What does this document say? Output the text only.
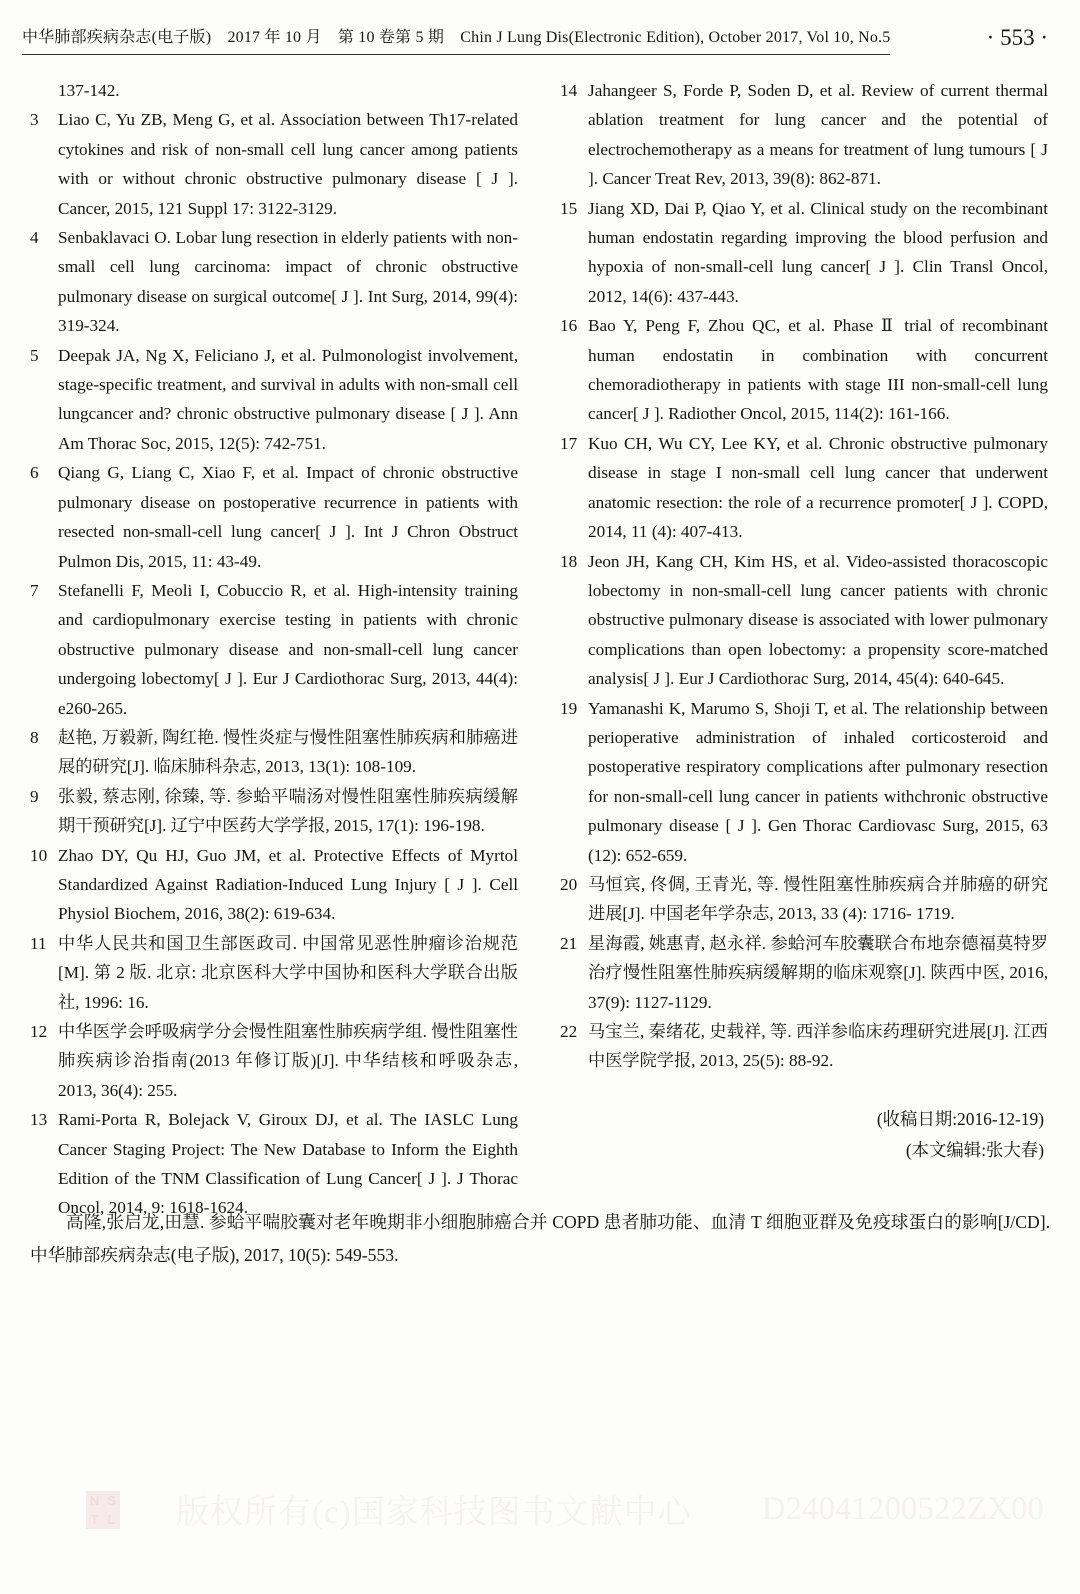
中华肺部疾病杂志(电子版)　2017 年 10 月　第 10 卷第 5 期　Chin J Lung Dis(Electronic Edition), October 2017, Vol 10, No.5	· 553 ·
137-142.
3	Liao C, Yu ZB, Meng G, et al. Association between Th17-related cytokines and risk of non-small cell lung cancer among patients with or without chronic obstructive pulmonary disease [ J ]. Cancer, 2015, 121 Suppl 17: 3122-3129.
4	Senbaklavaci O. Lobar lung resection in elderly patients with non-small cell lung carcinoma: impact of chronic obstructive pulmonary disease on surgical outcome[ J ]. Int Surg, 2014, 99(4): 319-324.
5	Deepak JA, Ng X, Feliciano J, et al. Pulmonologist involvement, stage-specific treatment, and survival in adults with non-small cell lungcancer and? chronic obstructive pulmonary disease [ J ]. Ann Am Thorac Soc, 2015, 12(5): 742-751.
6	Qiang G, Liang C, Xiao F, et al. Impact of chronic obstructive pulmonary disease on postoperative recurrence in patients with resected non-small-cell lung cancer[ J ]. Int J Chron Obstruct Pulmon Dis, 2015, 11: 43-49.
7	Stefanelli F, Meoli I, Cobuccio R, et al. High-intensity training and cardiopulmonary exercise testing in patients with chronic obstructive pulmonary disease and non-small-cell lung cancer undergoing lobectomy[ J ]. Eur J Cardiothorac Surg, 2013, 44(4): e260-265.
8	赵艳, 万毅新, 陶红艳. 慢性炎症与慢性阻塞性肺疾病和肺癌进展的研究[J]. 临床肺科杂志, 2013, 13(1): 108-109.
9	张毅, 蔡志刚, 徐臻, 等. 参蛤平喘汤对慢性阻塞性肺疾病缓解期干预研究[J]. 辽宁中医药大学学报, 2015, 17(1): 196-198.
10 Zhao DY, Qu HJ, Guo JM, et al. Protective Effects of Myrtol Standardized Against Radiation-Induced Lung Injury [ J ]. Cell Physiol Biochem, 2016, 38(2): 619-634.
11 中华人民共和国卫生部医政司. 中国常见恶性肿瘤诊治规范 [M]. 第 2 版. 北京: 北京医科大学中国协和医科大学联合出版社, 1996: 16.
12 中华医学会呼吸病学分会慢性阻塞性肺疾病学组. 慢性阻塞性肺疾病诊治指南(2013 年修订版)[J]. 中华结核和呼吸杂志, 2013, 36(4): 255.
13 Rami-Porta R, Bolejack V, Giroux DJ, et al. The IASLC Lung Cancer Staging Project: The New Database to Inform the Eighth Edition of the TNM Classification of Lung Cancer[ J ]. J Thorac Oncol, 2014, 9: 1618-1624.
14 Jahangeer S, Forde P, Soden D, et al. Review of current thermal ablation treatment for lung cancer and the potential of electrochemotherapy as a means for treatment of lung tumours [ J ]. Cancer Treat Rev, 2013, 39(8): 862-871.
15 Jiang XD, Dai P, Qiao Y, et al. Clinical study on the recombinant human endostatin regarding improving the blood perfusion and hypoxia of non-small-cell lung cancer[ J ]. Clin Transl Oncol, 2012, 14(6): 437-443.
16 Bao Y, Peng F, Zhou QC, et al. Phase Ⅱ trial of recombinant human endostatin in combination with concurrent chemoradiotherapy in patients with stage III non-small-cell lung cancer[ J ]. Radiother Oncol, 2015, 114(2): 161-166.
17 Kuo CH, Wu CY, Lee KY, et al. Chronic obstructive pulmonary disease in stage I non-small cell lung cancer that underwent anatomic resection: the role of a recurrence promoter[ J ]. COPD, 2014, 11 (4): 407-413.
18 Jeon JH, Kang CH, Kim HS, et al. Video-assisted thoracoscopic lobectomy in non-small-cell lung cancer patients with chronic obstructive pulmonary disease is associated with lower pulmonary complications than open lobectomy: a propensity score-matched analysis[ J ]. Eur J Cardiothorac Surg, 2014, 45(4): 640-645.
19 Yamanashi K, Marumo S, Shoji T, et al. The relationship between perioperative administration of inhaled corticosteroid and postoperative respiratory complications after pulmonary resection for non-small-cell lung cancer in patients withchronic obstructive pulmonary disease [ J ]. Gen Thorac Cardiovasc Surg, 2015, 63 (12): 652-659.
20 马恒宾, 佟倜, 王青光, 等. 慢性阻塞性肺疾病合并肺癌的研究进展[J]. 中国老年学杂志, 2013, 33 (4): 1716- 1719.
21 星海霞, 姚惠青, 赵永祥. 参蛤河车胶囊联合布地奈德福莫特罗治疗慢性阻塞性肺疾病缓解期的临床观察[J]. 陕西中医, 2016, 37(9): 1127-1129.
22 马宝兰, 秦绪花, 史载祥, 等. 西洋参临床药理研究进展[J]. 江西中医学院学报, 2013, 25(5): 88-92.
(收稿日期:2016-12-19)
(本文编辑:张大春)
高隆,张启龙,田慧. 参蛤平喘胶囊对老年晚期非小细胞肺癌合并 COPD 患者肺功能、血清 T 细胞亚群及免疫球蛋白的影响[J/CD]. 中华肺部疾病杂志(电子版), 2017, 10(5): 549-553.
N S
T L 版权所有(c)国家科技图书文献中心 D24041200522ZX00
